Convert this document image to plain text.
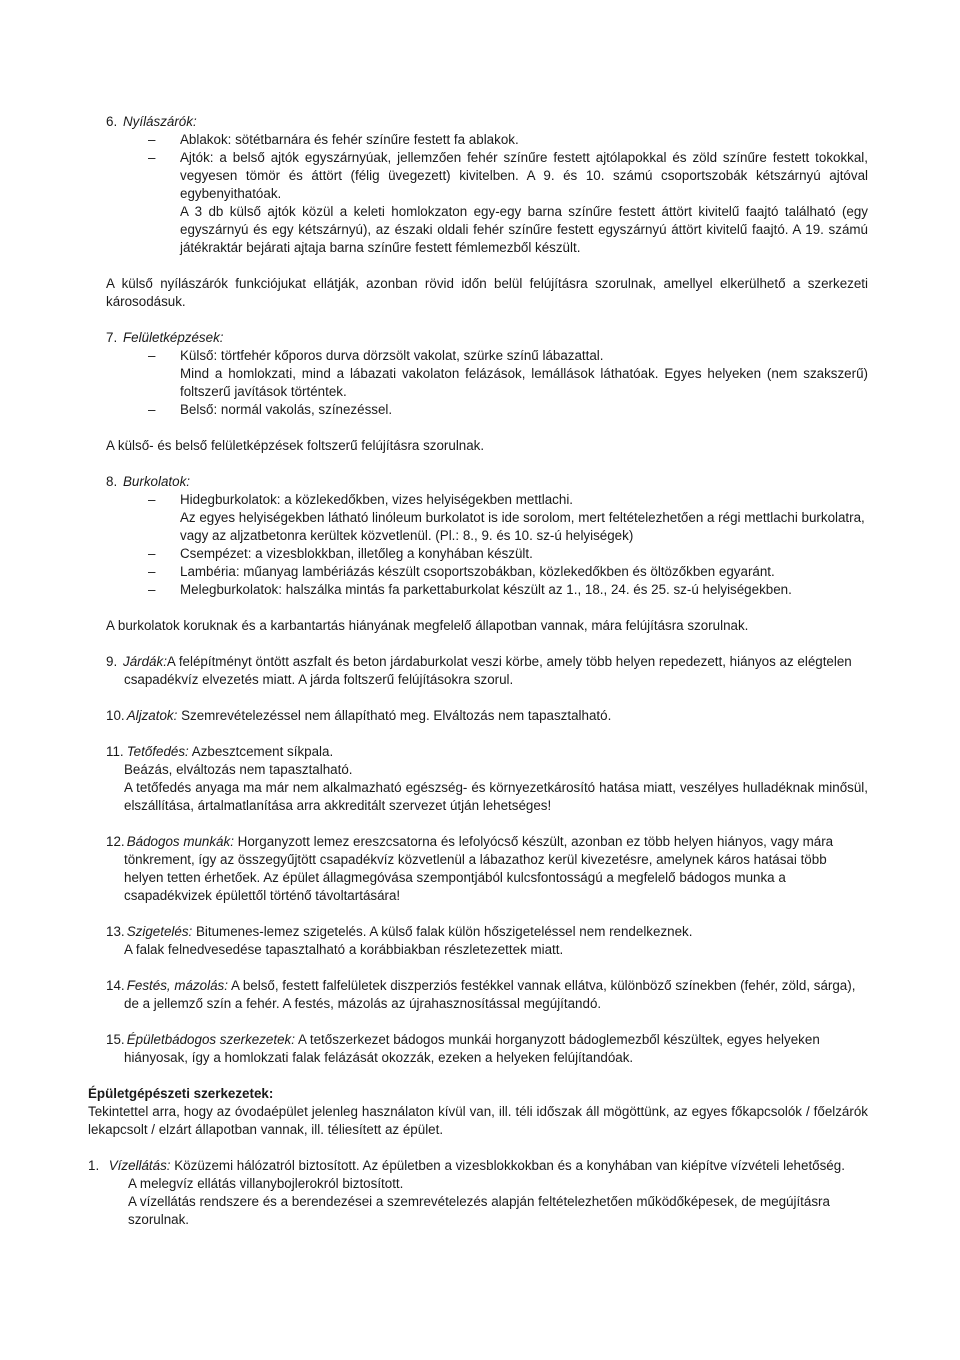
6. Nyílászárók:

– Ablakok: sötétbarnára és fehér színűre festett fa ablakok.
– Ajtók: a belső ajtók egyszárnyúak, jellemzően fehér színűre festett ajtólapokkal és zöld színűre festett tokokkal, vegyesen tömör és áttört (félig üvegezett) kivitelben. A 9. és 10. számú csoportszobák kétszárnyú ajtóval egybenyithatóak.

A 3 db külső ajtók közül a keleti homlokzaton egy-egy barna színűre festett áttört kivitelű faajtó található (egy egyszárnyú és egy kétszárnyú), az északi oldali fehér színűre festett egyszárnyú áttört kivitelű faajtó. A 19. számú játékraktár bejárati ajtaja barna színűre festett fémlemezből készült.

A külső nyílászárók funkciójukat ellátják, azonban rövid időn belül felújításra szorulnak, amellyel elkerülhető a szerkezeti károsodásuk.

7. Felületképzések:

– Külső: törtfehér kőporos durva dörzsölt vakolat, szürke színű lábazattal.

Mind a homlokzati, mind a lábazati vakolaton felázások, lemállások láthatóak. Egyes helyeken (nem szakszerű) foltszerű javítások történtek.

– Belső: normál vakolás, színezéssel.

A külső- és belső felületképzések foltszerű felújításra szorulnak.

8. Burkolatok:

– Hidegburkolatok: a közlekedőkben, vizes helyiségekben mettlachi.

Az egyes helyiségekben látható linóleum burkolatot is ide sorolom, mert feltételezhetően a régi mettlachi burkolatra, vagy az aljzatbetonra kerültek közvetlenül. (Pl.: 8., 9. és 10. sz-ú helyiségek)

– Csempézet: a vizesblokkban, illetőleg a konyhában készült.
– Lambéria: műanyag lambériázás készült csoportszobákban, közlekedőkben és öltözőkben egyaránt.
– Melegburkolatok: halszálka mintás fa parkettaburkolat készült az 1., 18., 24. és 25. sz-ú helyiségekben.

A burkolatok koruknak és a karbantartás hiányának megfelelő állapotban vannak, mára felújításra szorulnak.

9. Járdák:A felépítményt öntött aszfalt és beton járdaburkolat veszi körbe, amely több helyen repedezett, hiányos az elégtelen

csapadékvíz elvezetés miatt. A járda foltszerű felújításokra szorul.

10. Aljzatok: Szemrevételezéssel nem állapítható meg. Elváltozás nem tapasztalható.

11. Tetőfedés: Azbesztcement síkpala.

Beázás, elváltozás nem tapasztalható.

A tetőfedés anyaga ma már nem alkalmazható egészség- és környezetkárosító hatása miatt, veszélyes hulladéknak minősül, elszállítása, ártalmatlanítása arra akkreditált szervezet útján lehetséges!

12. Bádogos munkák: Horganyzott lemez ereszcsatorna és lefolyócső készült, azonban ez több helyen hiányos, vagy mára

tönkrement, így az összegyűjtött csapadékvíz közvetlenül a lábazathoz kerül kivezetésre, amelynek káros hatásai több helyen tetten érhetőek. Az épület állagmegóvása szempontjából kulcsfontosságú a megfelelő bádogos munka a csapadékvizek épülettől történő távoltartására!

13. Szigetelés: Bitumenes-lemez szigetelés. A külső falak külön hőszigeteléssel nem rendelkeznek.

A falak felnedvesedése tapasztalható a korábbiakban részletezettek miatt.

14. Festés, mázolás: A belső, festett falfelületek diszperziós festékkel vannak ellátva, különböző színekben (fehér, zöld, sárga),

de a jellemző szín a fehér. A festés, mázolás az újrahasznosítással megújítandó.

15. Épületbádogos szerkezetek: A tetőszerkezet bádogos munkái horganyzott bádoglemezből készültek, egyes helyeken

hiányosak, így a homlokzati falak felázását okozzák, ezeken a helyeken felújítandóak.

Épületgépészeti szerkezetek:

Tekintettel arra, hogy az óvodaépület jelenleg használaton kívül van, ill. téli időszak áll mögöttünk, az egyes főkapcsolók / főelzárók lekapcsolt / elzárt állapotban vannak, ill. téliesített az épület.

1. Vízellátás: Közüzemi hálózatról biztosított. Az épületben a vizesblokkokban és a konyhában van kiépítve vízvételi lehetőség.

A melegvíz ellátás villanybojlerokról biztosított.

A vízellátás rendszere és a berendezései a szemrevételezés alapján feltételezhetően működőképesek, de megújításra szorulnak.
